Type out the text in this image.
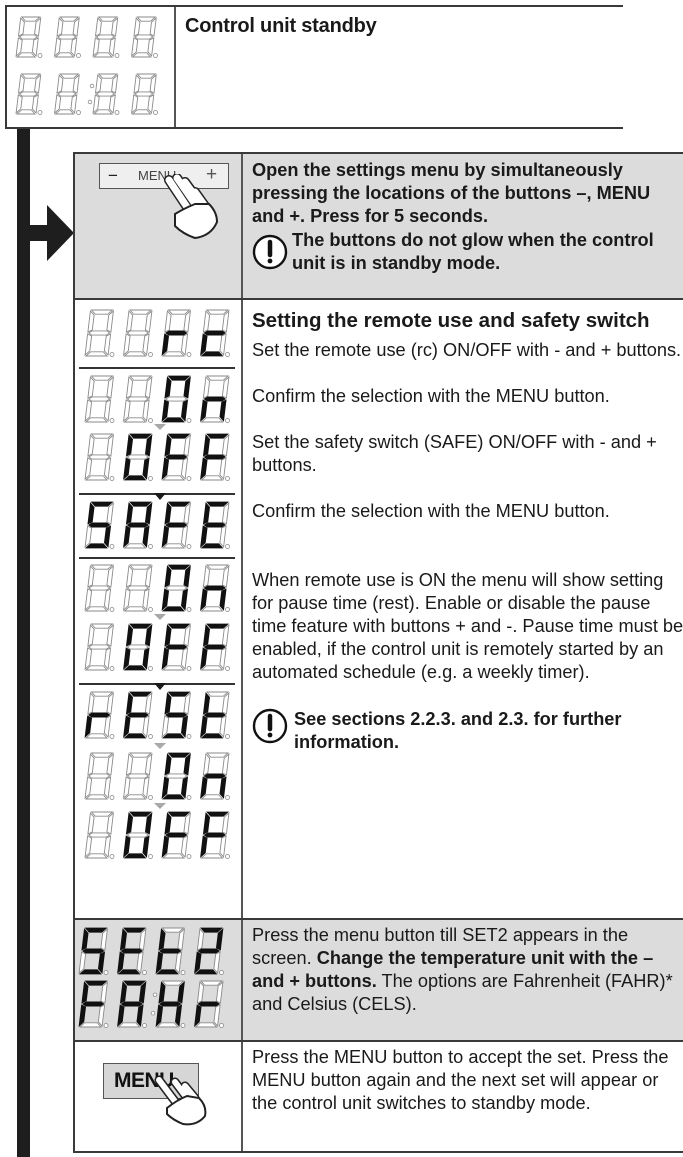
Control unit standby
− MENU + Open the settings menu by simultaneously pressing the locations of the buttons –, MENU and +. Press for 5 seconds.

The buttons do not glow when the control unit is in standby mode.

Setting the remote use and safety switch

Set the remote use (rc) ON/OFF with - and + buttons.

Confirm the selection with the MENU button.

Set the safety switch (SAFE) ON/OFF with - and + buttons.

Confirm the selection with the MENU button.

When remote use is ON the menu will show setting for pause time (rest). Enable or disable the pause time feature with buttons + and -. Pause time must be enabled, if the control unit is remotely started by an automated schedule (e.g. a weekly timer).

See sections 2.2.3. and 2.3. for further information.

Press the menu button till SET2 appears in the screen. Change the temperature unit with the – and + buttons. The options are Fahrenheit (FAHR)* and Celsius (CELS).

MENU

Press the MENU button to accept the set. Press the MENU button again and the next set will appear or the control unit switches to standby mode.
